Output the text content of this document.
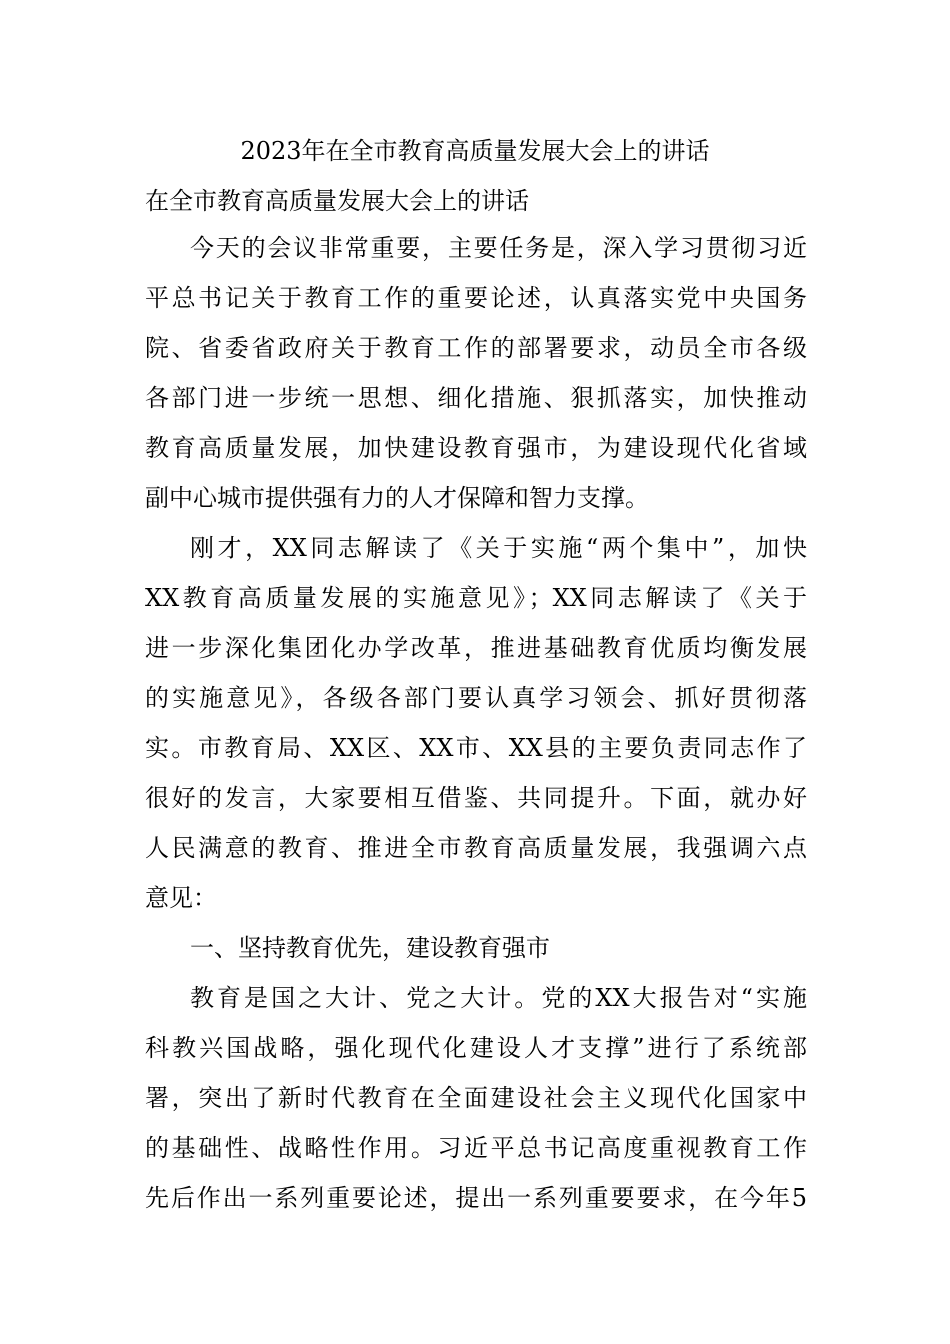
2023年在全市教育高质量发展大会上的讲话
在全市教育高质量发展大会上的讲话
今天的会议非常重要，主要任务是，深入学习贯彻习近
平总书记关于教育工作的重要论述，认真落实党中央国务
院、省委省政府关于教育工作的部署要求，动员全市各级
各部门进一步统一思想、细化措施、狠抓落实，加快推动
教育高质量发展，加快建设教育强市，为建设现代化省域
副中心城市提供强有力的人才保障和智力支撑。
刚才，XX同志解读了《关于实施“两个集中”，加快
XX教育高质量发展的实施意见》；XX同志解读了《关于
进一步深化集团化办学改革，推进基础教育优质均衡发展
的实施意见》，各级各部门要认真学习领会、抓好贯彻落
实。市教育局、XX区、XX市、XX县的主要负责同志作了
很好的发言，大家要相互借鉴、共同提升。下面，就办好
人民满意的教育、推进全市教育高质量发展，我强调六点
意见：
一、坚持教育优先，建设教育强市
教育是国之大计、党之大计。党的XX大报告对“实施
科教兴国战略，强化现代化建设人才支撑”进行了系统部
署，突出了新时代教育在全面建设社会主义现代化国家中
的基础性、战略性作用。习近平总书记高度重视教育工作
先后作出一系列重要论述，提出一系列重要要求，在今年5
